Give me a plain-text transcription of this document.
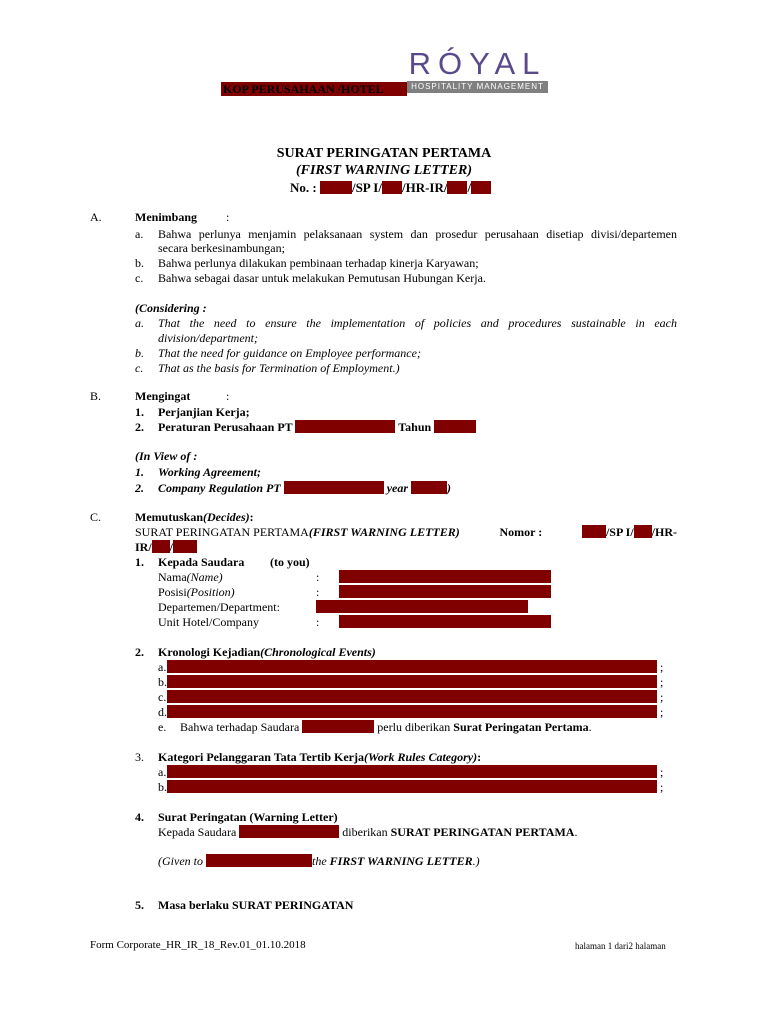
KOP PERUSAHAAN /HOTEL
RÓYAL
HOSPITALITY MANAGEMENT
SURAT PERINGATAN PERTAMA
(FIRST WARNING LETTER)
No. :	/SP I/ /HR-IR/ /
A.	Menimbang :
a. Bahwa perlunya menjamin pelaksanaan system dan prosedur perusahaan disetiap divisi/departemen
secara berkesinambungan;
b. Bahwa perlunya dilakukan pembinaan terhadap kinerja Karyawan;
c. Bahwa sebagai dasar untuk melakukan Pemutusan Hubungan Kerja.
(Considering :
a. That the need to ensure the implementation of policies and procedures sustainable in each
division/department;
b. That the need for guidance on Employee performance;
c. That as the basis for Termination of Employment.)
B.	Mengingat	:
1. Perjanjian Kerja;
2. Peraturan Perusahaan PT	Tahun
(In View of :
1. Working Agreement;
2. Company Regulation PT	year	)
C.	Memutuskan(Decides):
SURAT PERINGATAN PERTAMA(FIRST WARNING LETTER)	Nomor :	/SP I/ /HR-
IR/ /
1. Kepada Saudara (to you)
Nama(Name)	:
Posisi(Position)	:
Departemen/Department:
Unit Hotel/Company	:
2. Kronologi Kejadian(Chronological Events)
a.	;
b.	;
c.	;
d.	;
e. Bahwa terhadap Saudara	perlu diberikan Surat Peringatan Pertama.
3. Kategori Pelanggaran Tata Tertib Kerja(Work Rules Category):
a.	;
b.	;
4. Surat Peringatan (Warning Letter)
Kepada Saudara	diberikan SURAT PERINGATAN PERTAMA.
(Given to	the FIRST WARNING LETTER.)
5. Masa berlaku SURAT PERINGATAN
Form Corporate_HR_IR_18_Rev.01_01.10.2018	halaman 1 dari2 halaman
